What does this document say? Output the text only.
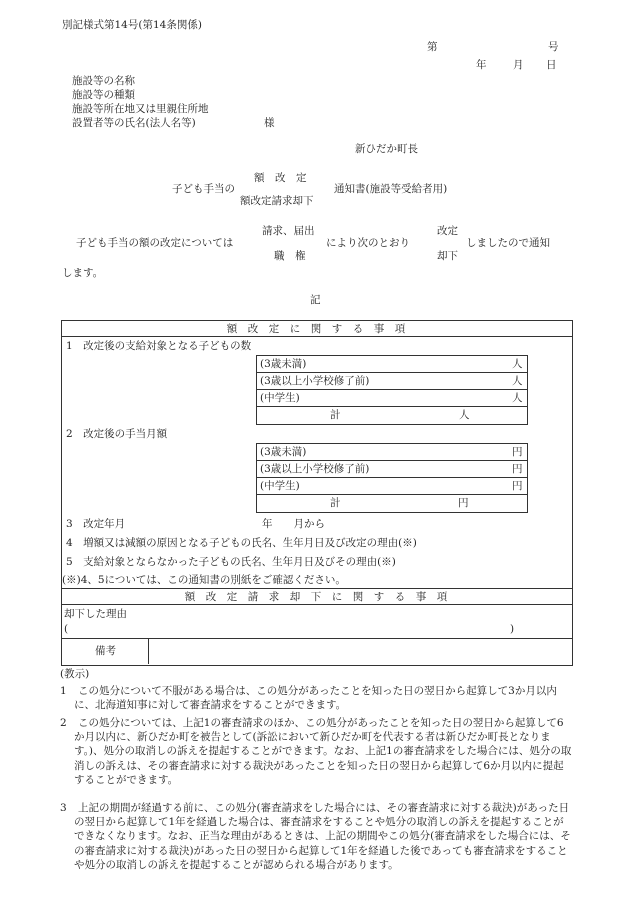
別記様式第14号(第14条関係)
第	号
年	月 日
施設等の名称
施設等の種類
施設等所在地又は里親住所地
設置者等の氏名(法人名等)	様
新ひだか町長
額　改　定
子ども手当の	通知書(施設等受給者用)
額改定請求却下
請求、届出	改定
子ども手当の額の改定については	により次のとおり	しましたので通知
職　権	却下
します。
記
額　改　定　に　関　す　る　事　項
1　改定後の支給対象となる子どもの数
(3歳未満)	人
(3歳以上小学校修了前)	人
(中学生)	人
計	人
2　改定後の手当月額
(3歳未満)	円
(3歳以上小学校修了前)	円
(中学生)	円
計	円
3　改定年月	年　　月から
4　増額又は減額の原因となる子どもの氏名、生年月日及び改定の理由(※)
5　支給対象とならなかった子どもの氏名、生年月日及びその理由(※)
(※)4、5については、この通知書の別紙をご確認ください。
額　改　定　請　求　却　下　に　関　す　る　事　項
却下した理由
(	)
備考
(教示)
1	この処分について不服がある場合は、この処分があったことを知った日の翌日から起算して3か月以内に、北海道知事に対して審査請求をすることができます。
2	この処分については、上記1の審査請求のほか、この処分があったことを知った日の翌日から起算して6か月以内に、新ひだか町を被告として(訴訟において新ひだか町を代表する者は新ひだか町長となります。)、処分の取消しの訴えを提起することができます。なお、上記1の審査請求をした場合には、処分の取消しの訴えは、その審査請求に対する裁決があったことを知った日の翌日から起算して6か月以内に提起することができます。
3	上記の期間が経過する前に、この処分(審査請求をした場合には、その審査請求に対する裁決)があった日の翌日から起算して1年を経過した場合は、審査請求をすることや処分の取消しの訴えを提起することができなくなります。なお、正当な理由があるときは、上記の期間やこの処分(審査請求をした場合には、その審査請求に対する裁決)があった日の翌日から起算して1年を経過した後であっても審査請求をすることや処分の取消しの訴えを提起することが認められる場合があります。
